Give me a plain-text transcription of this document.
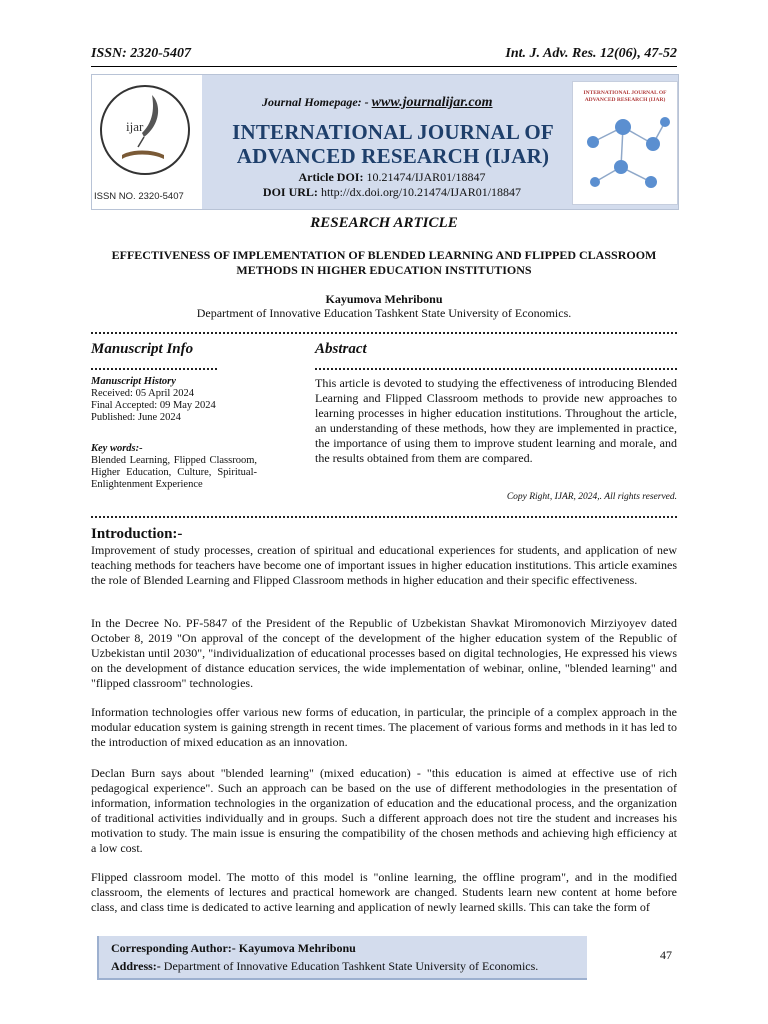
ISSN: 2320-5407	Int. J. Adv. Res. 12(06), 47-52
ijar
ISSN NO. 2320-5407
Journal Homepage: - www.journalijar.com
INTERNATIONAL JOURNAL OF
ADVANCED RESEARCH (IJAR)
Article DOI: 10.21474/IJAR01/18847
DOI URL: http://dx.doi.org/10.21474/IJAR01/18847
INTERNATIONAL JOURNAL OF ADVANCED RESEARCH (IJAR)
RESEARCH ARTICLE
EFFECTIVENESS OF IMPLEMENTATION OF BLENDED LEARNING AND FLIPPED CLASSROOM
METHODS IN HIGHER EDUCATION INSTITUTIONS
Kayumova Mehribonu
Department of Innovative Education Tashkent State University of Economics.
Manuscript Info	Abstract
Manuscript History
Received: 05 April 2024
Final Accepted: 09 May 2024
Published: June 2024
Key words:-
Blended Learning, Flipped Classroom, Higher Education, Culture, Spiritual-Enlightenment Experience
This article is devoted to studying the effectiveness of introducing Blended Learning and Flipped Classroom methods to provide new approaches to learning processes in higher education institutions. Throughout the article, an understanding of these methods, how they are implemented in practice, the importance of using them to improve student learning and morale, and the results obtained from them are compared.
Copy Right, IJAR, 2024,. All rights reserved.
Introduction:-
Improvement of study processes, creation of spiritual and educational experiences for students, and application of new teaching methods for teachers have become one of important issues in higher education institutions. This article examines the role of Blended Learning and Flipped Classroom methods in higher education and their specific effectiveness.
In the Decree No. PF-5847 of the President of the Republic of Uzbekistan Shavkat Miromonovich Mirziyoyev dated October 8, 2019 "On approval of the concept of the development of the higher education system of the Republic of Uzbekistan until 2030", "individualization of educational processes based on digital technologies, He expressed his views on the development of distance education services, the wide implementation of webinar, online, "blended learning" and "flipped classroom" technologies.
Information technologies offer various new forms of education, in particular, the principle of a complex approach in the modular education system is gaining strength in recent times. The placement of various forms and methods in it has led to the introduction of mixed education as an innovation.
Declan Burn says about "blended learning" (mixed education) - "this education is aimed at effective use of rich pedagogical experience". Such an approach can be based on the use of different methodologies in the presentation of information, information technologies in the organization of education and the educational process, and the organization of traditional activities individually and in groups. Such a different approach does not tire the student and increases his motivation to study. The main issue is ensuring the compatibility of the chosen methods and achieving high efficiency at a low cost.
Flipped classroom model. The motto of this model is "online learning, the offline program", and in the modified classroom, the elements of lectures and practical homework are changed. Students learn new content at home before class, and class time is dedicated to active learning and application of newly learned skills. This can take the form of
Corresponding Author:- Kayumova Mehribonu
Address:- Department of Innovative Education Tashkent State University of Economics.
47
